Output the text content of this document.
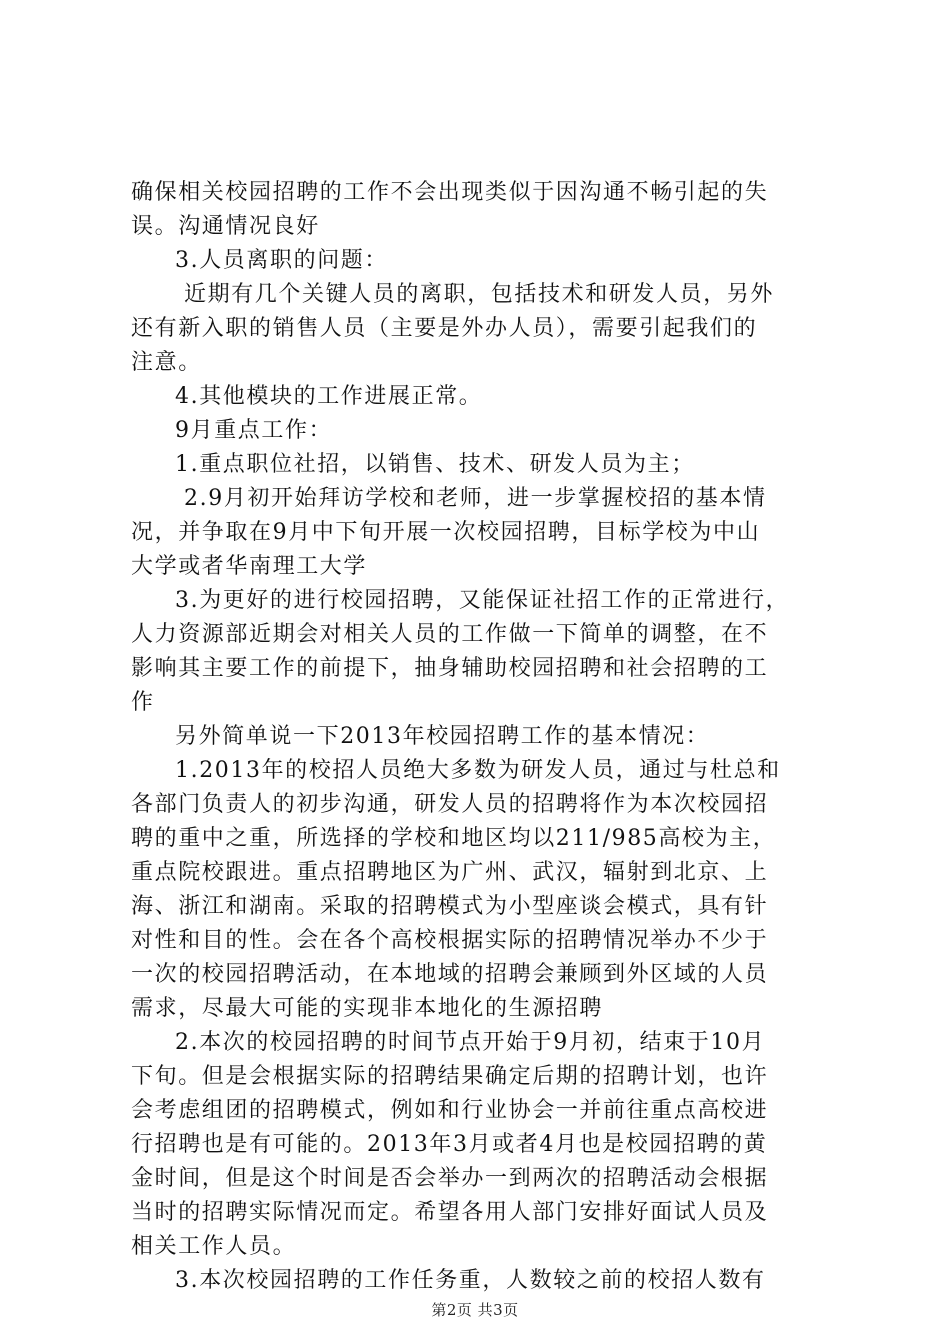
确保相关校园招聘的工作不会出现类似于因沟通不畅引起的失
误。沟通情况良好
3.人员离职的问题：
近期有几个关键人员的离职，包括技术和研发人员，另外
还有新入职的销售人员（主要是外办人员），需要引起我们的
注意。
4.其他模块的工作进展正常。
9月重点工作：
1.重点职位社招，以销售、技术、研发人员为主；
2.9月初开始拜访学校和老师，进一步掌握校招的基本情
况，并争取在9月中下旬开展一次校园招聘，目标学校为中山
大学或者华南理工大学
3.为更好的进行校园招聘，又能保证社招工作的正常进行，
人力资源部近期会对相关人员的工作做一下简单的调整，在不
影响其主要工作的前提下，抽身辅助校园招聘和社会招聘的工
作
另外简单说一下2013年校园招聘工作的基本情况：
1.2013年的校招人员绝大多数为研发人员，通过与杜总和
各部门负责人的初步沟通，研发人员的招聘将作为本次校园招
聘的重中之重，所选择的学校和地区均以211/985高校为主，
重点院校跟进。重点招聘地区为广州、武汉，辐射到北京、上
海、浙江和湖南。采取的招聘模式为小型座谈会模式，具有针
对性和目的性。会在各个高校根据实际的招聘情况举办不少于
一次的校园招聘活动，在本地域的招聘会兼顾到外区域的人员
需求，尽最大可能的实现非本地化的生源招聘
2.本次的校园招聘的时间节点开始于9月初，结束于10月
下旬。但是会根据实际的招聘结果确定后期的招聘计划，也许
会考虑组团的招聘模式，例如和行业协会一并前往重点高校进
行招聘也是有可能的。2013年3月或者4月也是校园招聘的黄
金时间，但是这个时间是否会举办一到两次的招聘活动会根据
当时的招聘实际情况而定。希望各用人部门安排好面试人员及
相关工作人员。
3.本次校园招聘的工作任务重，人数较之前的校招人数有
第2页 共3页
